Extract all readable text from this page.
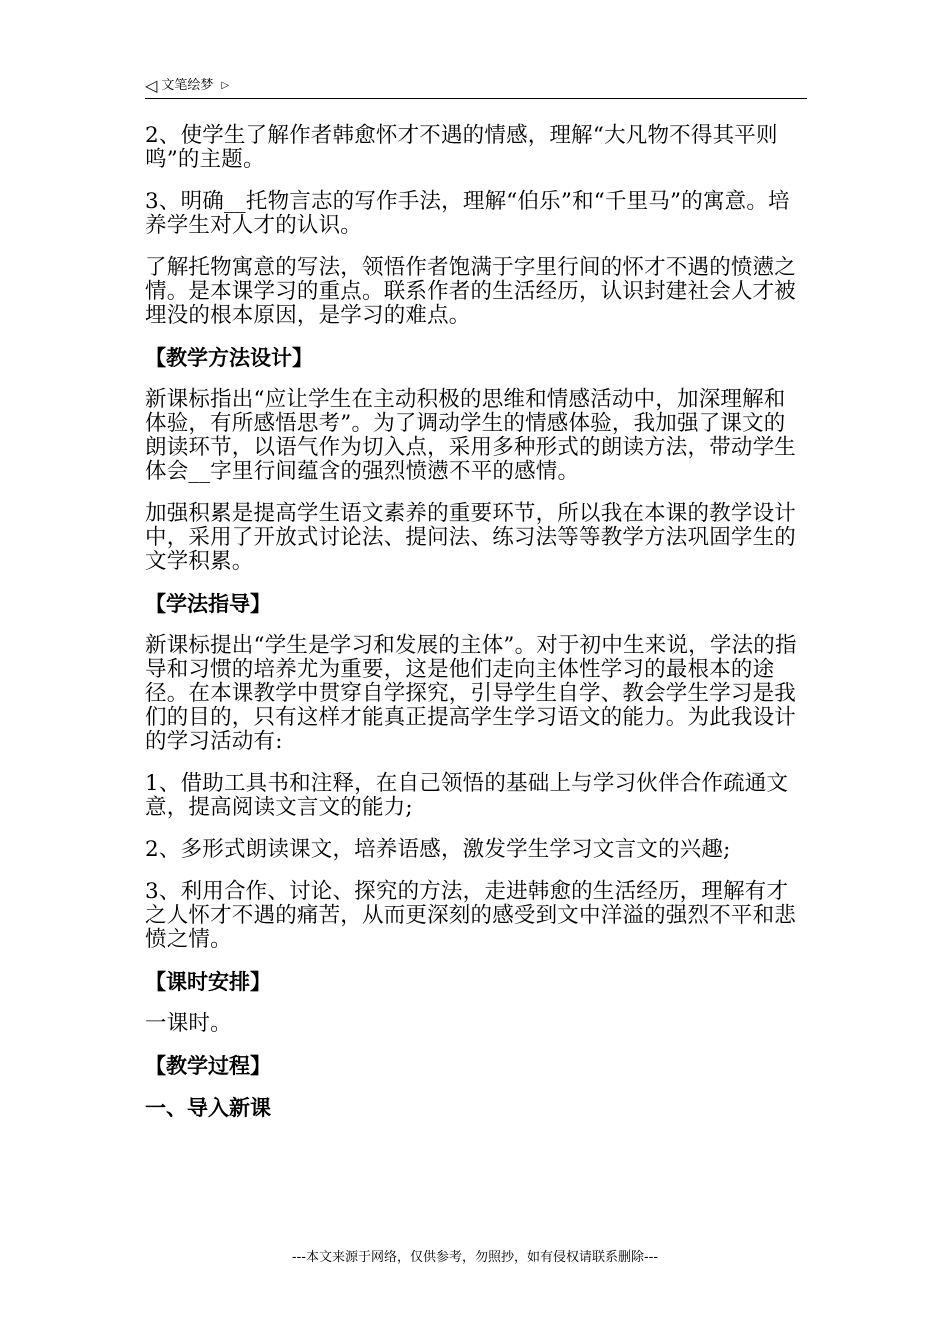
◁ 文笔绘梦 ▷

2、使学生了解作者韩愈怀才不遇的情感，理解“大凡物不得其平则鸣”的主题。

3、明确__托物言志的写作手法，理解“伯乐”和“千里马”的寓意。培养学生对人才的认识。

了解托物寓意的写法，领悟作者饱满于字里行间的怀才不遇的愤懑之情。是本课学习的重点。联系作者的生活经历，认识封建社会人才被埋没的根本原因，是学习的难点。

【教学方法设计】

新课标指出“应让学生在主动积极的思维和情感活动中，加深理解和体验，有所感悟思考”。为了调动学生的情感体验，我加强了课文的朗读环节，以语气作为切入点，采用多种形式的朗读方法，带动学生体会__字里行间蕴含的强烈愤懑不平的感情。

加强积累是提高学生语文素养的重要环节，所以我在本课的教学设计中，采用了开放式讨论法、提问法、练习法等等教学方法巩固学生的文学积累。

【学法指导】

新课标提出“学生是学习和发展的主体”。对于初中生来说，学法的指导和习惯的培养尤为重要，这是他们走向主体性学习的最根本的途径。在本课教学中贯穿自学探究，引导学生自学、教会学生学习是我们的目的，只有这样才能真正提高学生学习语文的能力。为此我设计的学习活动有:

1、借助工具书和注释，在自己领悟的基础上与学习伙伴合作疏通文意，提高阅读文言文的能力;

2、多形式朗读课文，培养语感，激发学生学习文言文的兴趣;

3、利用合作、讨论、探究的方法，走进韩愈的生活经历，理解有才之人怀才不遇的痛苦，从而更深刻的感受到文中洋溢的强烈不平和悲愤之情。

【课时安排】

一课时。

【教学过程】
一、导入新课
---本文来源于网络，仅供参考，勿照抄，如有侵权请联系删除---
